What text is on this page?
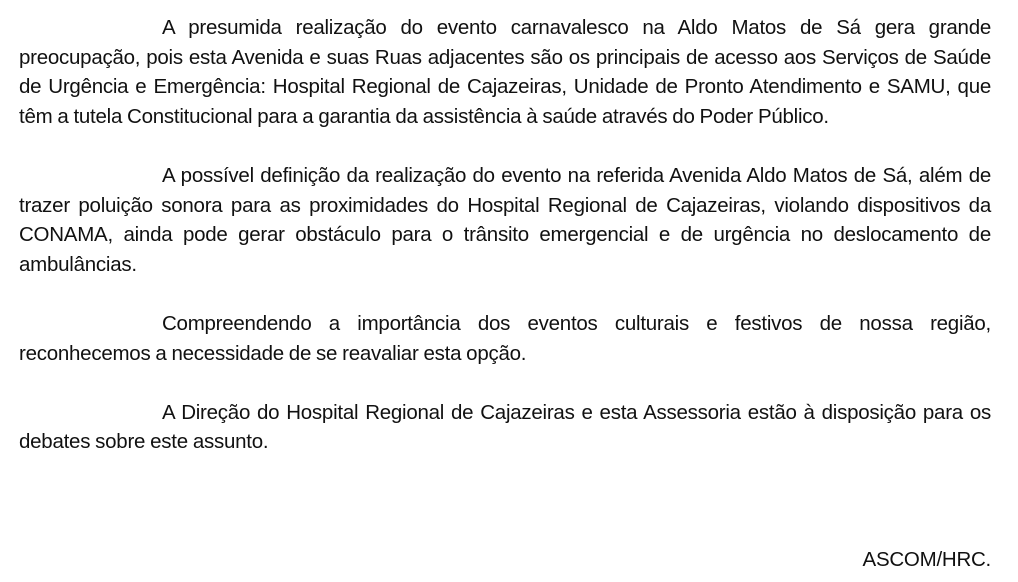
A presumida realização do evento carnavalesco na Aldo Matos de Sá gera grande preocupação, pois esta Avenida e suas Ruas adjacentes são os principais de acesso aos Serviços de Saúde de Urgência e Emergência: Hospital Regional de Cajazeiras, Unidade de Pronto Atendimento e SAMU, que têm a tutela Constitucional para a garantia da assistência à saúde através do Poder Público.

A possível definição da realização do evento na referida Avenida Aldo Matos de Sá, além de trazer poluição sonora para as proximidades do Hospital Regional de Cajazeiras, violando dispositivos da CONAMA, ainda pode gerar obstáculo para o trânsito emergencial e de urgência no deslocamento de ambulâncias.

Compreendendo a importância dos eventos culturais e festivos de nossa região, reconhecemos a necessidade de se reavaliar esta opção.

A Direção do Hospital Regional de Cajazeiras e esta Assessoria estão à disposição para os debates sobre este assunto.

ASCOM/HRC.
